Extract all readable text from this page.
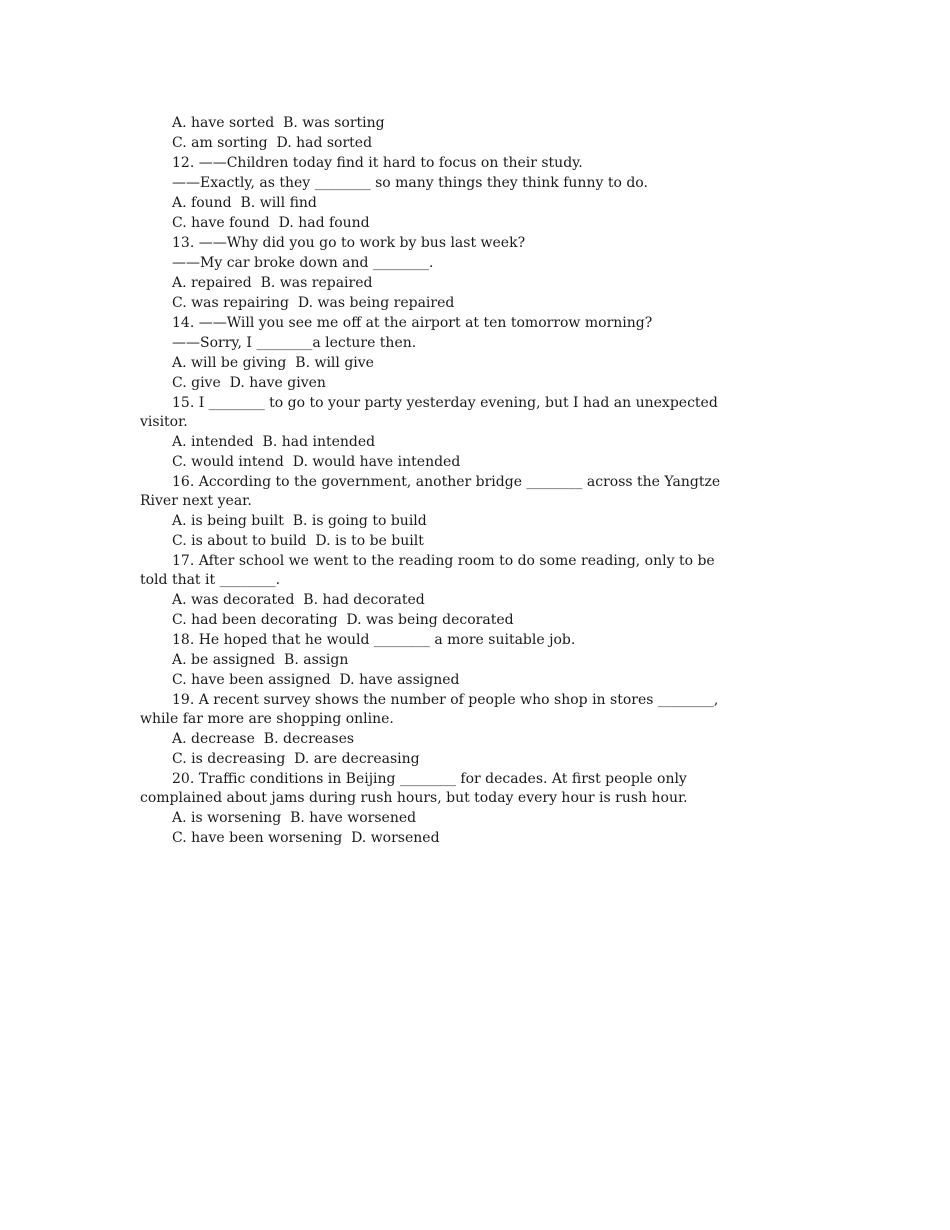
A. have sorted  B. was sorting
C. am sorting  D. had sorted
12. ——Children today find it hard to focus on their study.
——Exactly, as they ________ so many things they think funny to do.
A. found  B. will find
C. have found  D. had found
13. ——Why did you go to work by bus last week?
——My car broke down and ________.
A. repaired  B. was repaired
C. was repairing  D. was being repaired
14. ——Will you see me off at the airport at ten tomorrow morning?
——Sorry, I ________a lecture then.
A. will be giving  B. will give
C. give  D. have given
15. I ________ to go to your party yesterday evening, but I had an unexpected
visitor.
A. intended  B. had intended
C. would intend  D. would have intended
16. According to the government, another bridge ________ across the Yangtze
River next year.
A. is being built  B. is going to build
C. is about to build  D. is to be built
17. After school we went to the reading room to do some reading, only to be
told that it ________.
A. was decorated  B. had decorated
C. had been decorating  D. was being decorated
18. He hoped that he would ________ a more suitable job.
A. be assigned  B. assign
C. have been assigned  D. have assigned
19. A recent survey shows the number of people who shop in stores ________,
while far more are shopping online.
A. decrease  B. decreases
C. is decreasing  D. are decreasing
20. Traffic conditions in Beijing ________ for decades. At first people only
complained about jams during rush hours, but today every hour is rush hour.
A. is worsening  B. have worsened
C. have been worsening  D. worsened
